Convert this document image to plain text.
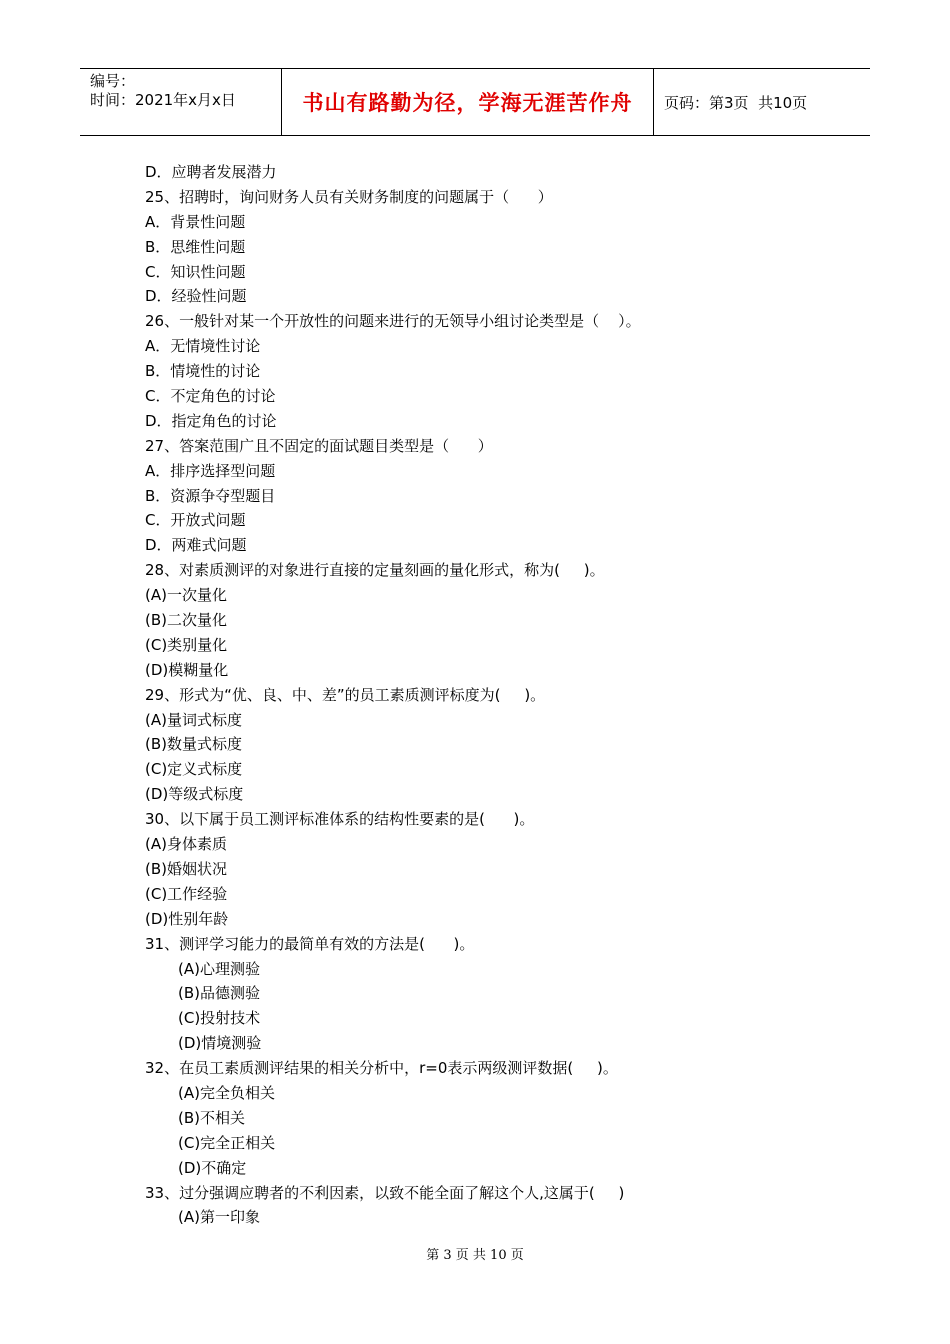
编号：
时间：2021年x月x日	书山有路勤为径，学海无涯苦作舟	页码：第3页  共10页
D．应聘者发展潜力
25、招聘时，询问财务人员有关财务制度的问题属于（      ）
A．背景性问题
B．思维性问题
C．知识性问题
D．经验性问题
26、一般针对某一个开放性的问题来进行的无领导小组讨论类型是（    ）。
A．无情境性讨论
B．情境性的讨论
C．不定角色的讨论
D．指定角色的讨论
27、答案范围广且不固定的面试题目类型是（      ）
A．排序选择型问题
B．资源争夺型题目
C．开放式问题
D．两难式问题
28、对素质测评的对象进行直接的定量刻画的量化形式，称为(     )。
(A)一次量化
(B)二次量化
(C)类别量化
(D)模糊量化
29、形式为“优、良、中、差”的员工素质测评标度为(     )。
(A)量词式标度
(B)数量式标度
(C)定义式标度
(D)等级式标度
30、以下属于员工测评标准体系的结构性要素的是(      )。
(A)身体素质
(B)婚姻状况
(C)工作经验
(D)性别年龄
31、测评学习能力的最简单有效的方法是(      )。
(A)心理测验
(B)品德测验
(C)投射技术
(D)情境测验
32、在员工素质测评结果的相关分析中，r=0表示两级测评数据(     )。
(A)完全负相关
(B)不相关
(C)完全正相关
(D)不确定
33、过分强调应聘者的不利因素，以致不能全面了解这个人,这属于(     )
(A)第一印象
第 3 页 共 10 页
